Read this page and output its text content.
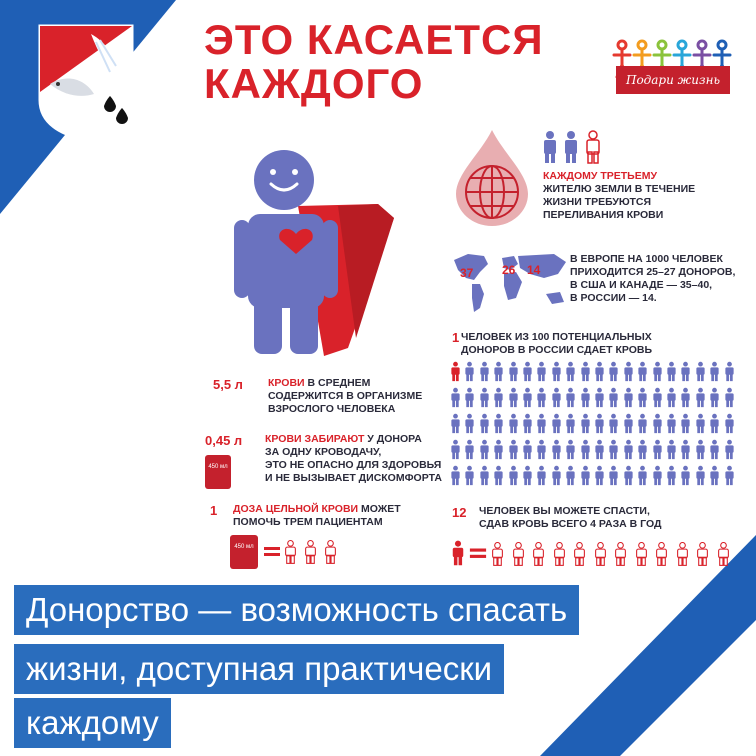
ЭТО КАСАЕТСЯ
КАЖДОГО	Подари жизнь
5,5 л КРОВИ В СРЕДНЕМ
СОДЕРЖИТСЯ В ОРГАНИЗМЕ
ВЗРОСЛОГО ЧЕЛОВЕКА
0,45 л КРОВИ ЗАБИРАЮТ У ДОНОРА
ЗА ОДНУ КРОВОДАЧУ,
ЭТО НЕ ОПАСНО ДЛЯ ЗДОРОВЬЯ
И НЕ ВЫЗЫВАЕТ ДИСКОМФОРТА
450 мл
1 ДОЗА ЦЕЛЬНОЙ КРОВИ МОЖЕТ
ПОМОЧЬ ТРЕМ ПАЦИЕНТАМ
450 мл
КАЖДОМУ ТРЕТЬЕМУ
ЖИТЕЛЮ ЗЕМЛИ В ТЕЧЕНИЕ
ЖИЗНИ ТРЕБУЮТСЯ
ПЕРЕЛИВАНИЯ КРОВИ
37 26 14
В ЕВРОПЕ НА 1000 ЧЕЛОВЕК
ПРИХОДИТСЯ 25–27 ДОНОРОВ,
В США И КАНАДЕ — 35–40,
В РОССИИ — 14.
1 ЧЕЛОВЕК ИЗ 100 ПОТЕНЦИАЛЬНЫХ
ДОНОРОВ В РОССИИ СДАЕТ КРОВЬ
12 ЧЕЛОВЕК ВЫ МОЖЕТЕ СПАСТИ,
СДАВ КРОВЬ ВСЕГО 4 РАЗА В ГОД
Донорство — возможность спасать
жизни, доступная практически
каждому
